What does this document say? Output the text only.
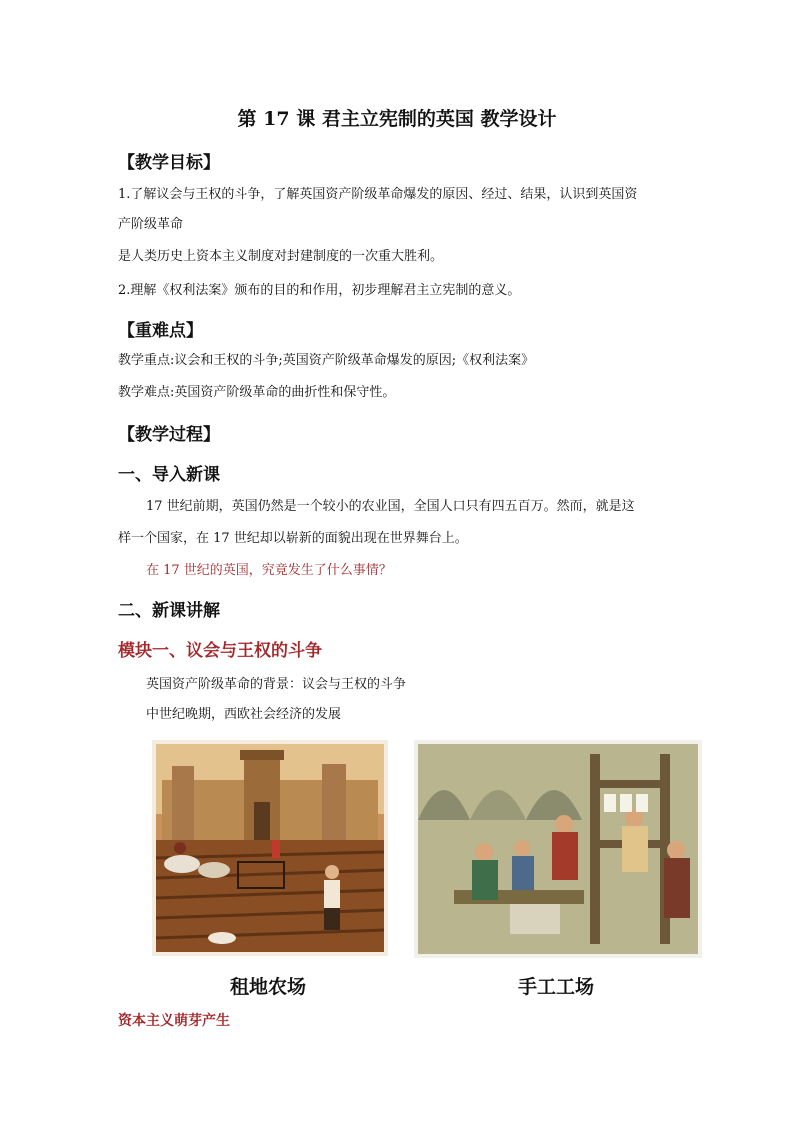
第 17 课 君主立宪制的英国 教学设计
【教学目标】
1.了解议会与王权的斗争，了解英国资产阶级革命爆发的原因、经过、结果，认识到英国资
产阶级革命
是人类历史上资本主义制度对封建制度的一次重大胜利。
2.理解《权利法案》颁布的目的和作用，初步理解君主立宪制的意义。
【重难点】
教学重点:议会和王权的斗争;英国资产阶级革命爆发的原因;《权利法案》
教学难点:英国资产阶级革命的曲折性和保守性。
【教学过程】
一、导入新课
17 世纪前期，英国仍然是一个较小的农业国，全国人口只有四五百万。然而，就是这
样一个国家，在 17 世纪却以崭新的面貌出现在世界舞台上。
在 17 世纪的英国，究竟发生了什么事情？
二、新课讲解
模块一、议会与王权的斗争
英国资产阶级革命的背景：议会与王权的斗争
中世纪晚期，西欧社会经济的发展
租地农场	手工工场
资本主义萌芽产生
